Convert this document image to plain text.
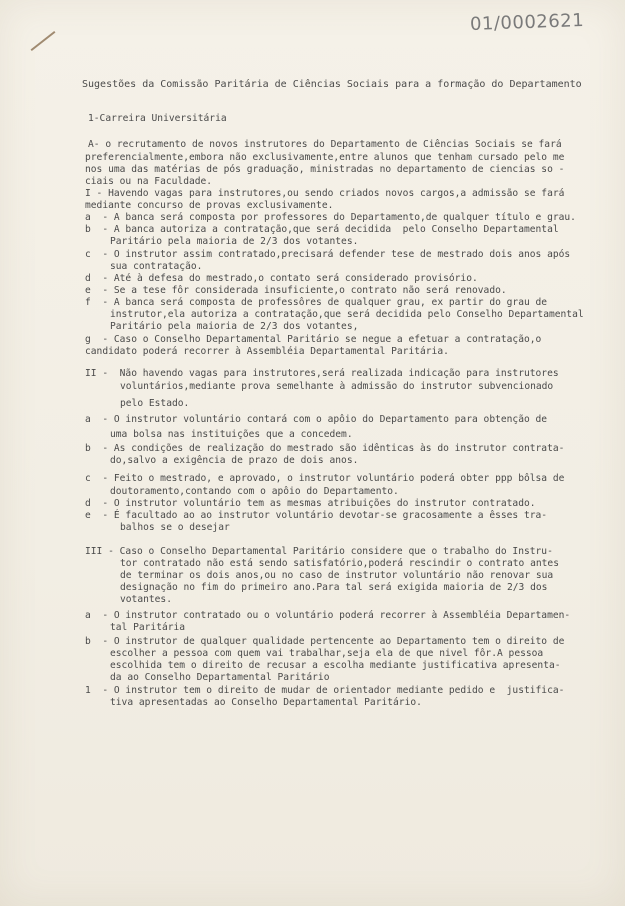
01/0002621
Sugestões da Comissão Paritária de Ciências Sociais para a formação do Departamento
1-Carreira Universitária
A- o recrutamento de novos instrutores do Departamento de Ciências Sociais se fará
preferencialmente,embora não exclusivamente,entre alunos que tenham cursado pelo me
nos uma das matérias de pós graduação, ministradas no departamento de ciencias so -
ciais ou na Faculdade.
I - Havendo vagas para instrutores,ou sendo criados novos cargos,a admissão se fará
mediante concurso de provas exclusivamente.
a  - A banca será composta por professores do Departamento,de qualquer título e grau.
b  - A banca autoriza a contratação,que será decidida  pelo Conselho Departamental
Paritário pela maioria de 2/3 dos votantes.
c  - O instrutor assim contratado,precisará defender tese de mestrado dois anos após
sua contratação.
d  - Até à defesa do mestrado,o contato será considerado provisório.
e  - Se a tese fôr considerada insuficiente,o contrato não será renovado.
f  - A banca será composta de professôres de qualquer grau, ex partir do grau de
instrutor,ela autoriza a contratação,que será decidida pelo Conselho Departamental
Paritário pela maioria de 2/3 dos votantes,
g  - Caso o Conselho Departamental Paritário se negue a efetuar a contratação,o
candidato poderá recorrer à Assembléia Departamental Paritária.
II -  Não havendo vagas para instrutores,será realizada indicação para instrutores
voluntários,mediante prova semelhante à admissão do instrutor subvencionado
pelo Estado.
a  - O instrutor voluntário contará com o apôio do Departamento para obtenção de
uma bolsa nas instituições que a concedem.
b  - As condições de realização do mestrado são idênticas às do instrutor contrata-
do,salvo a exigência de prazo de dois anos.
c  - Feito o mestrado, e aprovado, o instrutor voluntário poderá obter ppp bôlsa de
doutoramento,contando com o apôio do Departamento.
d  - O instrutor voluntário tem as mesmas atribuições do instrutor contratado.
e  - É facultado ao ao instrutor voluntário devotar-se gracosamente a êsses tra-
balhos se o desejar
III - Caso o Conselho Departamental Paritário considere que o trabalho do Instru-
tor contratado não está sendo satisfatório,poderá rescindir o contrato antes
de terminar os dois anos,ou no caso de instrutor voluntário não renovar sua
designação no fim do primeiro ano.Para tal será exigida maioria de 2/3 dos
votantes.
a  - O instrutor contratado ou o voluntário poderá recorrer à Assembléia Departamen-
tal Paritária
b  - O instrutor de qualquer qualidade pertencente ao Departamento tem o direito de
escolher a pessoa com quem vai trabalhar,seja ela de que nivel fôr.A pessoa
escolhida tem o direito de recusar a escolha mediante justificativa apresenta-
da ao Conselho Departamental Paritário
1  - O instrutor tem o direito de mudar de orientador mediante pedido e  justifica-
tiva apresentadas ao Conselho Departamental Paritário.
